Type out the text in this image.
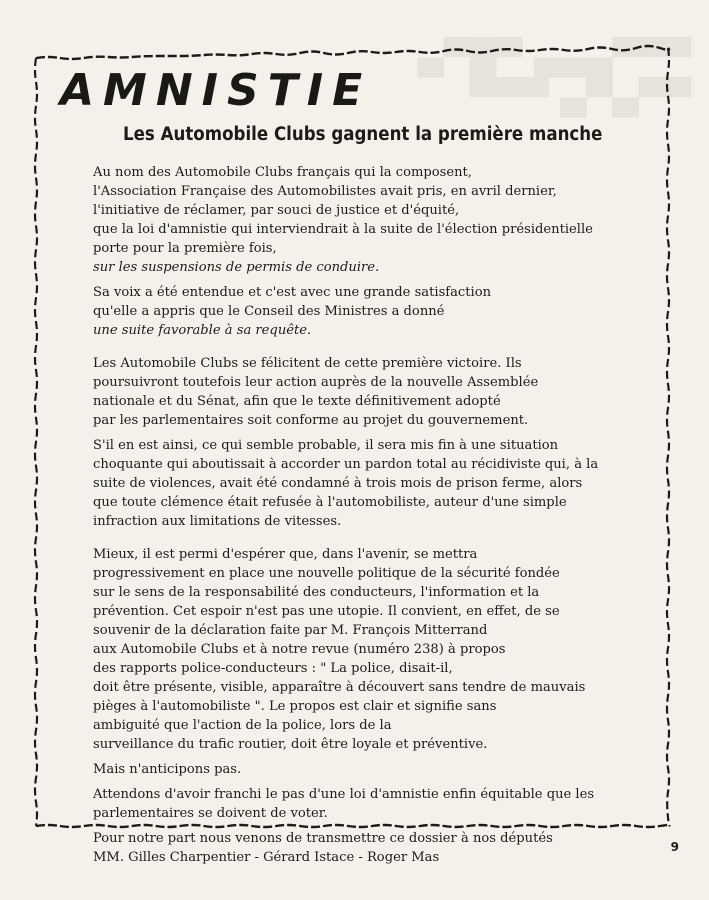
▄▀█▀ ▄▄▄▀▀▀
▀▀▀ ▄▀▄▀▀
AMNISTIE
Les Automobile Clubs gagnent la première manche

Au nom des Automobile Clubs français qui la composent,
l'Association Française des Automobilistes avait pris, en avril dernier,
l'initiative de réclamer, par souci de justice et d'équité,
que la loi d'amnistie qui interviendrait à la suite de l'élection présidentielle
porte pour la première fois,
sur les suspensions de permis de conduire.

Sa voix a été entendue et c'est avec une grande satisfaction
qu'elle a appris que le Conseil des Ministres a donné
une suite favorable à sa requête.

Les Automobile Clubs se félicitent de cette première victoire. Ils
poursuivront toutefois leur action auprès de la nouvelle Assemblée
nationale et du Sénat, afin que le texte définitivement adopté
par les parlementaires soit conforme au projet du gouvernement.

S'il en est ainsi, ce qui semble probable, il sera mis fin à une situation
choquante qui aboutissait à accorder un pardon total au récidiviste qui, à la
suite de violences, avait été condamné à trois mois de prison ferme, alors
que toute clémence était refusée à l'automobiliste, auteur d'une simple
infraction aux limitations de vitesses.

Mieux, il est permi d'espérer que, dans l'avenir, se mettra
progressivement en place une nouvelle politique de la sécurité fondée
sur le sens de la responsabilité des conducteurs, l'information et la
prévention. Cet espoir n'est pas une utopie. Il convient, en effet, de se
souvenir de la déclaration faite par M. François Mitterrand
aux Automobile Clubs et à notre revue (numéro 238) à propos
des rapports police-conducteurs : " La police, disait-il,
doit être présente, visible, apparaître à découvert sans tendre de mauvais
pièges à l'automobiliste ". Le propos est clair et signifie sans
ambiguité que l'action de la police, lors de la
surveillance du trafic routier, doit être loyale et préventive.

Mais n'anticipons pas.

Attendons d'avoir franchi le pas d'une loi d'amnistie enfin équitable que les
parlementaires se doivent de voter.

Pour notre part nous venons de transmettre ce dossier à nos députés
MM. Gilles Charpentier - Gérard Istace - Roger Mas

9
